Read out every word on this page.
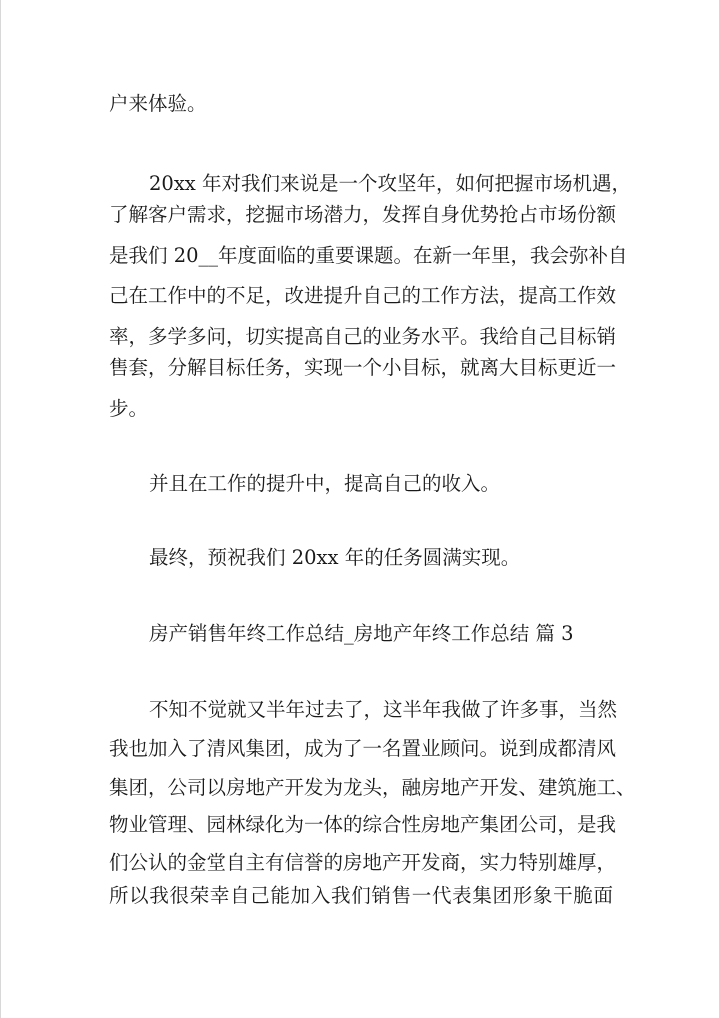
户来体验。
20xx 年对我们来说是一个攻坚年，如何把握市场机遇，
了解客户需求，挖掘市场潜力，发挥自身优势抢占市场份额
是我们 20__年度面临的重要课题。在新一年里，我会弥补自
己在工作中的不足，改进提升自己的工作方法，提高工作效
率，多学多问，切实提高自己的业务水平。我给自己目标销
售套，分解目标任务，实现一个小目标，就离大目标更近一
步。
并且在工作的提升中，提高自己的收入。
最终，预祝我们 20xx 年的任务圆满实现。
房产销售年终工作总结_房地产年终工作总结 篇 3
不知不觉就又半年过去了，这半年我做了许多事，当然
我也加入了清风集团，成为了一名置业顾问。说到成都清风
集团，公司以房地产开发为龙头，融房地产开发、建筑施工、
物业管理、园林绿化为一体的综合性房地产集团公司，是我
们公认的金堂自主有信誉的房地产开发商，实力特别雄厚，
所以我很荣幸自己能加入我们销售一代表集团形象干脆面
